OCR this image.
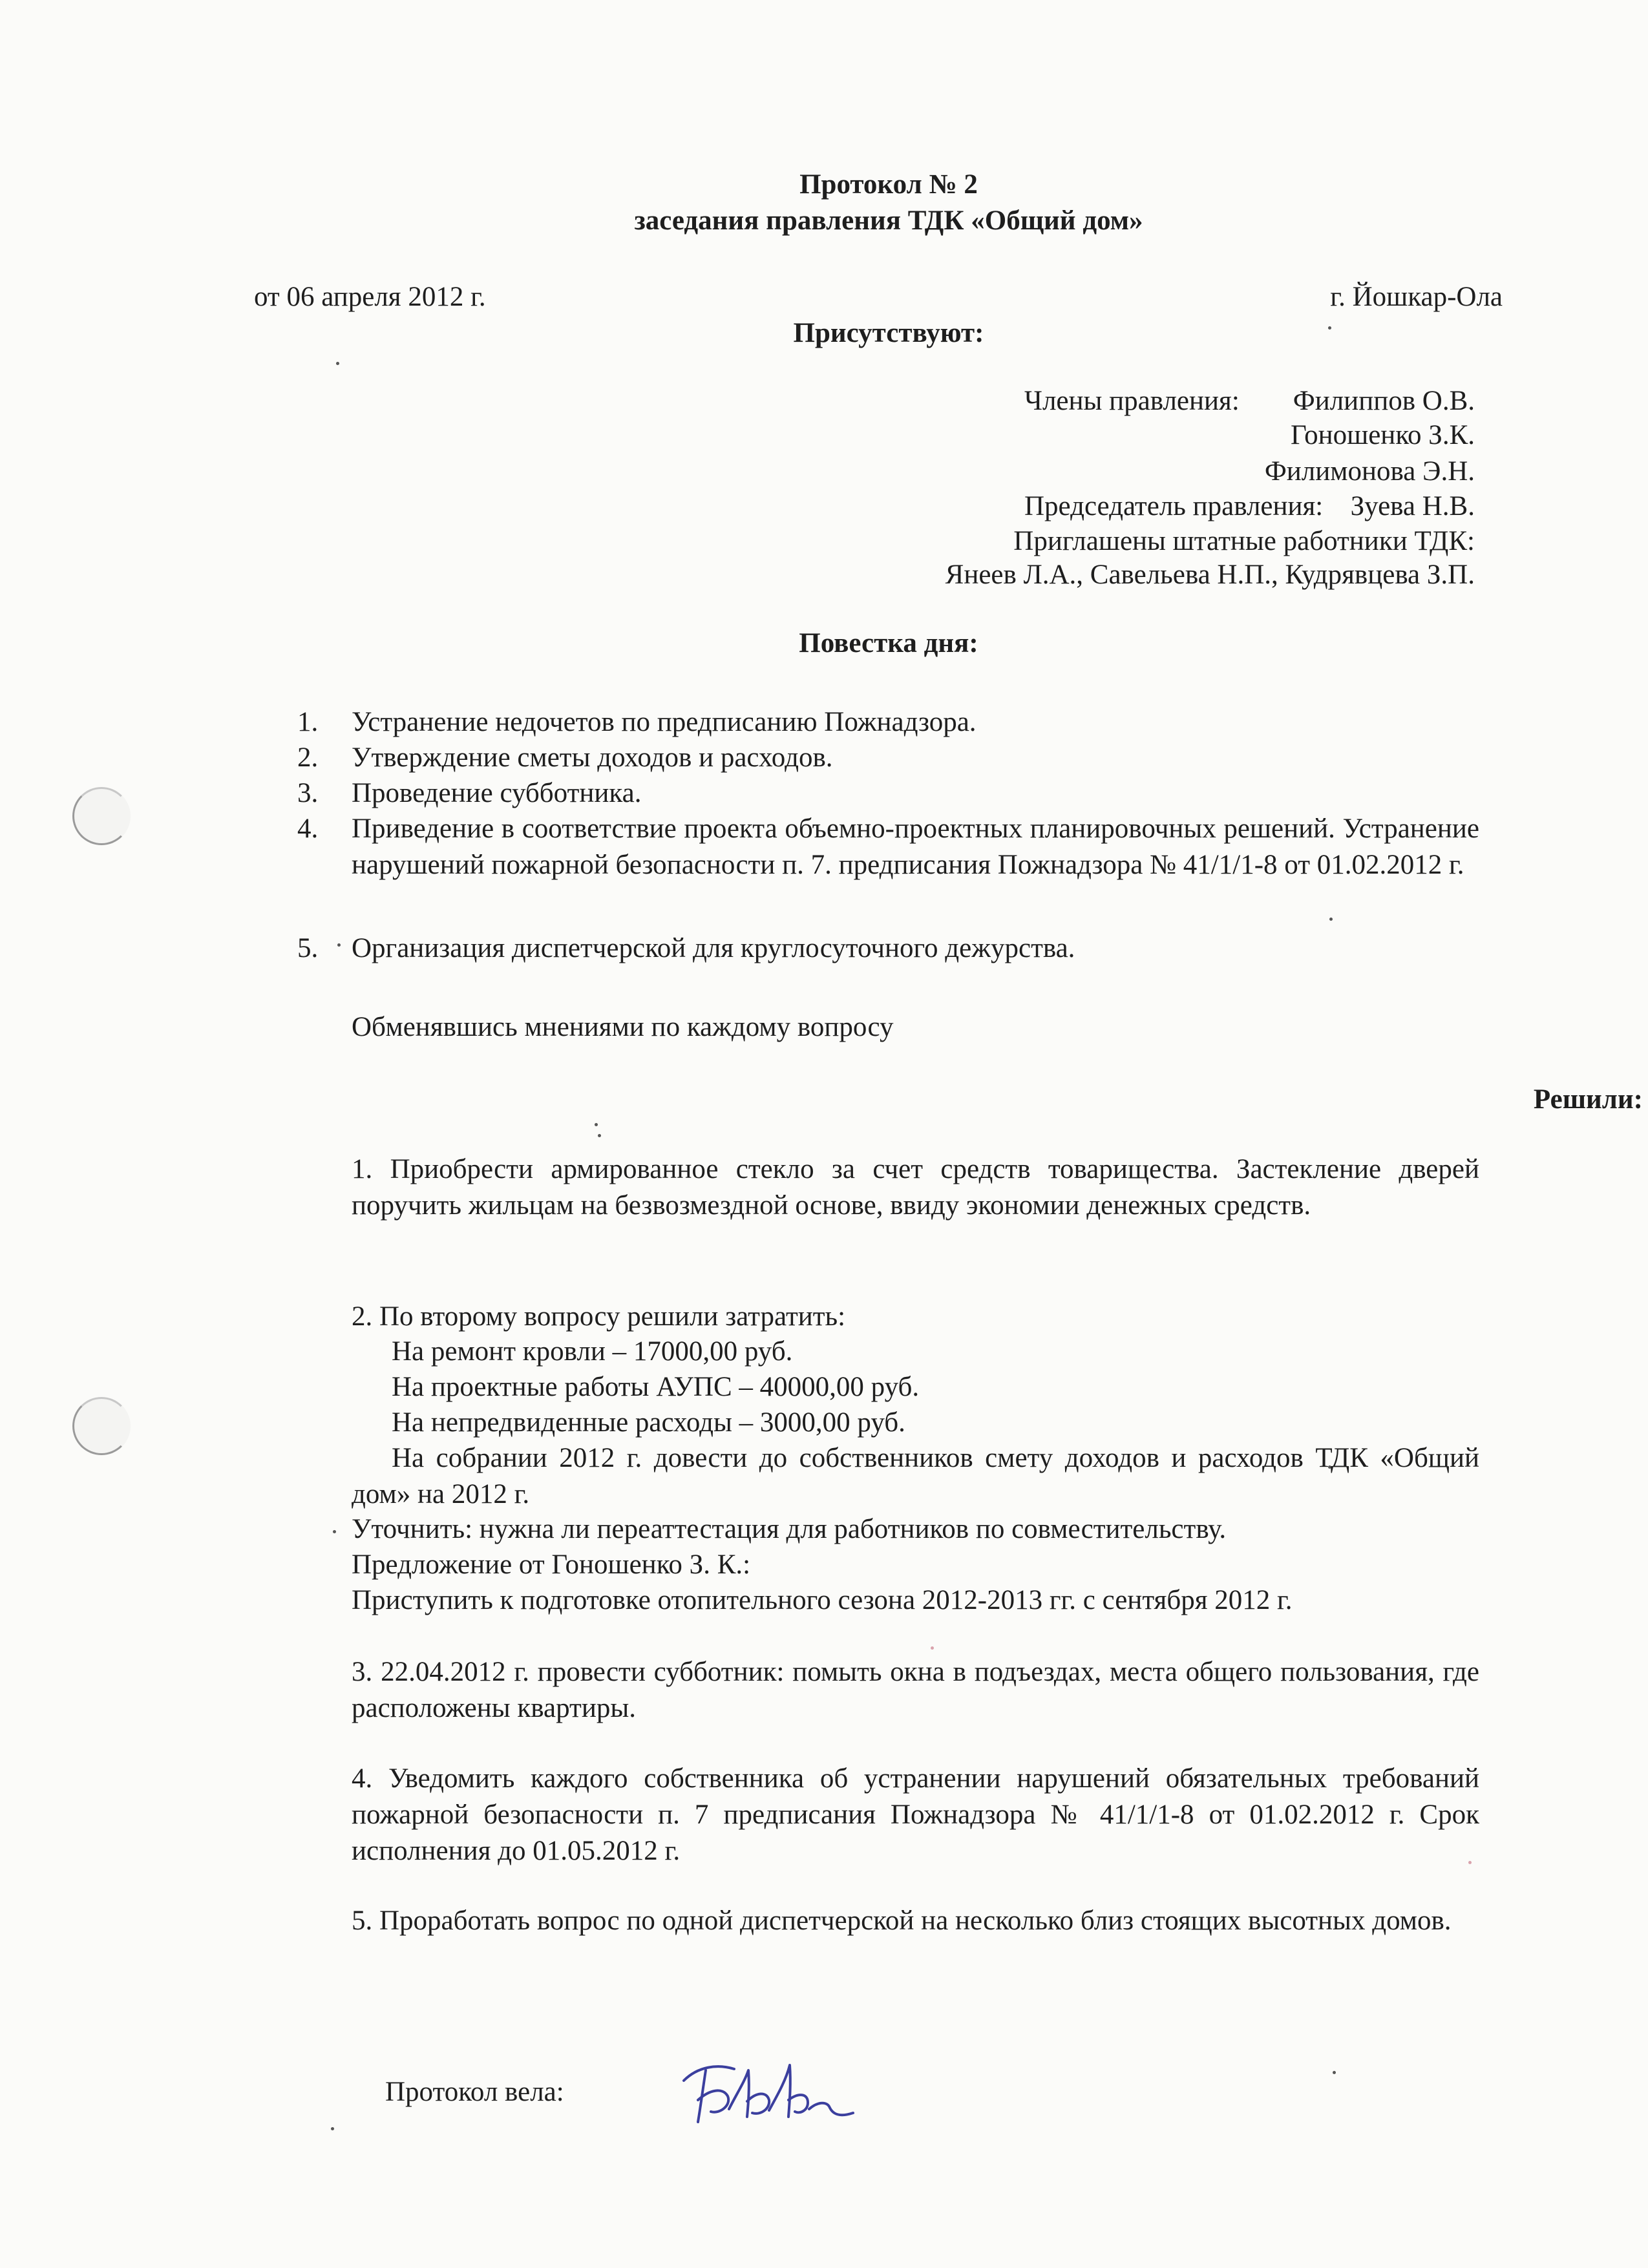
Протокол № 2
заседания правления ТДК «Общий дом»
от 06 апреля 2012 г.	г. Йошкар-Ола
Присутствуют:
Члены правления:	Филиппов О.В.
Гоношенко З.К.
Филимонова Э.Н.
Председатель правления: Зуева Н.В.
Приглашены штатные работники ТДК:
Янеев Л.А., Савельева Н.П., Кудрявцева З.П.
Повестка дня:
1. Устранение недочетов по предписанию Пожнадзора.
2. Утверждение сметы доходов и расходов.
3. Проведение субботника.
4. Приведение в соответствие проекта объемно-проектных планировочных решений. Устранение нарушений пожарной безопасности п. 7. предписания Пожнадзора № 41/1/1-8 от 01.02.2012 г.
5. Организация диспетчерской для круглосуточного дежурства.
Обменявшись мнениями по каждому вопросу
Решили:
1. Приобрести армированное стекло за счет средств товарищества. Застекление дверей поручить жильцам на безвозмездной основе, ввиду экономии денежных средств.
2. По второму вопросу решили затратить:
На ремонт кровли – 17000,00 руб.
На проектные работы АУПС – 40000,00 руб.
На непредвиденные расходы – 3000,00 руб.
На собрании 2012 г. довести до собственников смету доходов и расходов ТДК «Общий дом» на 2012 г.
Уточнить: нужна ли переаттестация для работников по совместительству.
Предложение от Гоношенко З. К.:
Приступить к подготовке отопительного сезона 2012-2013 гг. с сентября 2012 г.
3. 22.04.2012 г. провести субботник: помыть окна в подъездах, места общего пользования, где расположены квартиры.
4. Уведомить каждого собственника об устранении нарушений обязательных требований пожарной безопасности п. 7 предписания Пожнадзора № 41/1/1-8 от 01.02.2012 г. Срок исполнения до 01.05.2012 г.
5. Проработать вопрос по одной диспетчерской на несколько близ стоящих высотных домов.
Протокол вела:
